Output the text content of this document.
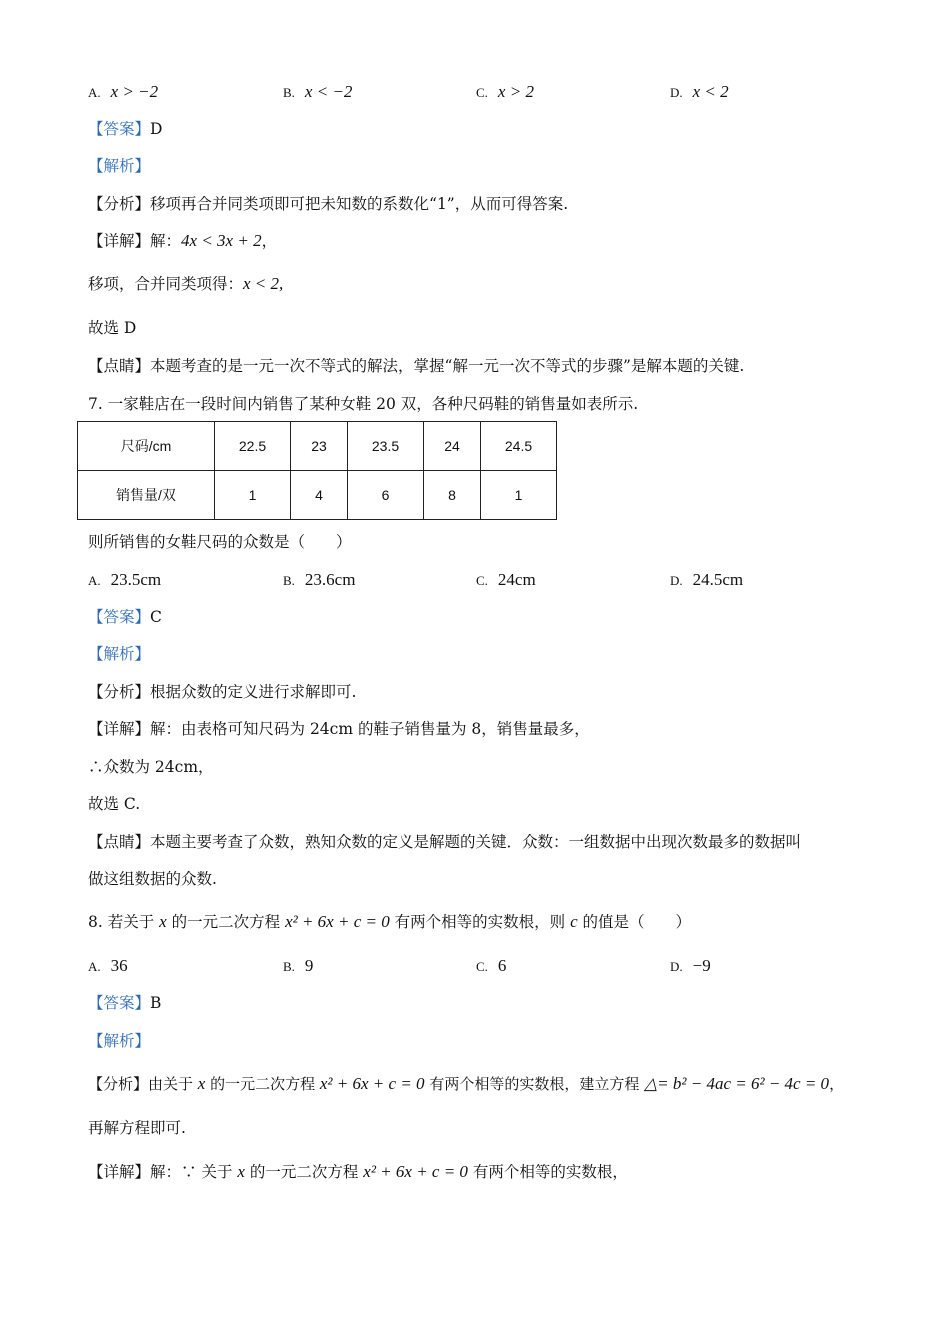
A. x > −2	B. x < −2	C. x > 2	D. x < 2
【答案】D
【解析】
【分析】移项再合并同类项即可把未知数的系数化“1”，从而可得答案.
【详解】解：4x < 3x + 2，
移项，合并同类项得：x < 2,
故选 D
【点睛】本题考查的是一元一次不等式的解法，掌握“解一元一次不等式的步骤”是解本题的关键.
7. 一家鞋店在一段时间内销售了某种女鞋 20 双，各种尺码鞋的销售量如表所示.
尺码/cm	22.5	23	23.5	24	24.5
销售量/双	1	4	6	8	1
则所销售的女鞋尺码的众数是（　　）
A. 23.5cm	B. 23.6cm	C. 24cm	D. 24.5cm
【答案】C
【解析】
【分析】根据众数的定义进行求解即可.
【详解】解：由表格可知尺码为 24cm 的鞋子销售量为 8，销售量最多，
∴众数为 24cm，
故选 C.
【点睛】本题主要考查了众数，熟知众数的定义是解题的关键．众数：一组数据中出现次数最多的数据叫
做这组数据的众数.
8. 若关于 x 的一元二次方程 x² + 6x + c = 0 有两个相等的实数根，则 c 的值是（　　）
A. 36	B. 9	C. 6	D. −9
【答案】B
【解析】
【分析】由关于 x 的一元二次方程 x² + 6x + c = 0 有两个相等的实数根，建立方程 △= b² − 4ac = 6² − 4c = 0，
再解方程即可.
【详解】解：∵ 关于 x 的一元二次方程 x² + 6x + c = 0 有两个相等的实数根，
